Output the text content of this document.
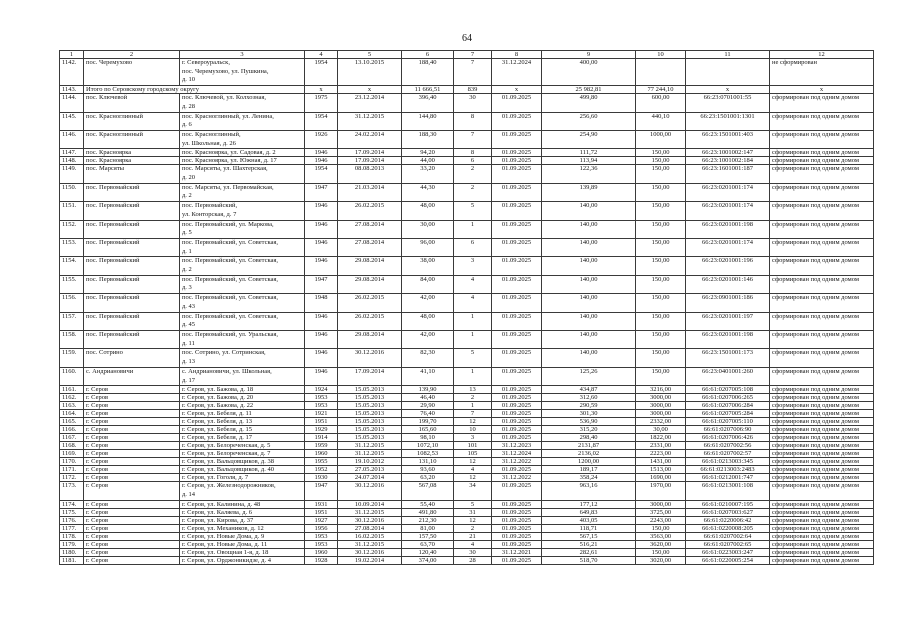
64
1	2	3	4	5	6	7	8	9	10	11	12
1142.	пос. Черемухово	г. Североуральск,
пос. Черемухово, ул. Пушкина,
д. 10	1954	13.10.2015	188,40	7	31.12.2024	400,00			не сформирован
1143.	Итого по Серовскому городскому округу		x	x	11 666,51	839	x	25 982,81	77 244,10	x	x
1144.	пос. Ключевой	пос. Ключевой, ул. Колхозная,
д. 28	1975	23.12.2014	396,40	30	01.09.2025	499,80	600,00	66:23:0701001:55	сформирован под одним домом
1145.	пос. Красноглинный	пос. Красноглинный, ул. Ленина,
д. 6	1954	31.12.2015	144,80	8	01.09.2025	256,60	440,10	66:23:1501001:1301	сформирован под одним домом
1146.	пос. Красноглинный	пос. Красноглинный,
ул. Школьная, д. 26	1926	24.02.2014	188,30	7	01.09.2025	254,90	1000,00	66:23:1501001:403	сформирован под одним домом
1147.	пос. Красноярка	пос. Красноярка, ул. Садовая, д. 2	1946	17.09.2014	94,20	8	01.09.2025	111,72	150,00	66:23:1001002:147	сформирован под одним домом
1148.	пос. Красноярка	пос. Красноярка, ул. Южная, д. 17	1946	17.09.2014	44,00	6	01.09.2025	113,94	150,00	66:23:1001002:184	сформирован под одним домом
1149.	пос. Марсяты	пос. Марсяты, ул. Шахтерская,
д. 20	1954	08.08.2013	33,20	2	01.09.2025	122,36	150,00	66:23:1601001:187	сформирован под одним домом
1150.	пос. Первомайский	пос. Марсяты, ул. Первомайская,
д. 2	1947	21.03.2014	44,30	2	01.09.2025	139,89	150,00	66:23:0201001:174	сформирован под одним домом
1151.	пос. Первомайский	пос. Первомайский,
ул. Конторская, д. 7	1946	26.02.2015	48,00	5	01.09.2025	140,00	150,00	66:23:0201001:174	сформирован под одним домом
1152.	пос. Первомайский	пос. Первомайский, ул. Маркова,
д. 5	1946	27.08.2014	30,00	1	01.09.2025	140,00	150,00	66:23:0201001:198	сформирован под одним домом
1153.	пос. Первомайский	пос. Первомайский, ул. Советская,
д. 1	1946	27.08.2014	96,00	6	01.09.2025	140,00	150,00	66:23:0201001:174	сформирован под одним домом
1154.	пос. Первомайский	пос. Первомайский, ул. Советская,
д. 2	1946	29.08.2014	38,00	3	01.09.2025	140,00	150,00	66:23:0201001:196	сформирован под одним домом
1155.	пос. Первомайский	пос. Первомайский, ул. Советская,
д. 3	1947	29.08.2014	84,00	4	01.09.2025	140,00	150,00	66:23:0201001:146	сформирован под одним домом
1156.	пос. Первомайский	пос. Первомайский, ул. Советская,
д. 43	1948	26.02.2015	42,00	4	01.09.2025	140,00	150,00	66:23:0901001:186	сформирован под одним домом
1157.	пос. Первомайский	пос. Первомайский, ул. Советская,
д. 45	1946	26.02.2015	48,00	1	01.09.2025	140,00	150,00	66:23:0201001:197	сформирован под одним домом
1158.	пос. Первомайский	пос. Первомайский, ул. Уральская,
д. 11	1946	29.08.2014	42,00	1	01.09.2025	140,00	150,00	66:23:0201001:198	сформирован под одним домом
1159.	пос. Сотрино	пос. Сотрино, ул. Сотринская,
д. 13	1946	30.12.2016	82,30	5	01.09.2025	140,00	150,00	66:23:1501001:173	сформирован под одним домом
1160.	с. Андриановичи	с. Андриановичи, ул. Школьная,
д. 17	1946	17.09.2014	41,10	1	01.09.2025	125,26	150,00	66:23:0401001:260	сформирован под одним домом
1161.	г. Серов	г. Серов, ул. Бажова, д. 18	1924	15.05.2013	139,90	13	01.09.2025	434,87	3216,00	66:61:0207005:108	сформирован под одним домом
1162.	г. Серов	г. Серов, ул. Бажова, д. 20	1953	15.05.2013	46,40	2	01.09.2025	312,60	3000,00	66:61:0207006:265	сформирован под одним домом
1163.	г. Серов	г. Серов, ул. Бажова, д. 22	1953	15.05.2013	29,90	1	01.09.2025	290,59	3000,00	66:61:0207006:284	сформирован под одним домом
1164.	г. Серов	г. Серов, ул. Бебеля, д. 11	1921	15.05.2013	76,40	7	01.09.2025	301,30	3000,00	66:61:0207005:284	сформирован под одним домом
1165.	г. Серов	г. Серов, ул. Бебеля, д. 13	1951	15.05.2013	199,70	12	01.09.2025	536,90	2332,00	66:61:0207005:110	сформирован под одним домом
1166.	г. Серов	г. Серов, ул. Бебеля, д. 15	1929	15.05.2013	165,60	10	01.09.2025	315,20	30,00	66:61:0207006:90	сформирован под одним домом
1167.	г. Серов	г. Серов, ул. Бебеля, д. 17	1914	15.05.2013	98,10	3	01.09.2025	298,40	1822,00	66:61:0207006:426	сформирован под одним домом
1168.	г. Серов	г. Серов, ул. Белореченская, д. 5	1959	31.12.2015	1072,10	101	31.12.2023	2131,87	2331,00	66:61:0207002:56	сформирован под одним домом
1169.	г. Серов	г. Серов, ул. Белореченская, д. 7	1960	31.12.2015	1082,53	105	31.12.2024	2136,02	2223,00	66:61:0207002:57	сформирован под одним домом
1170.	г. Серов	г. Серов, ул. Вальцовщиков, д. 38	1955	19.10.2012	131,10	12	31.12.2022	1200,00	1431,00	66:61:0213003:345	сформирован под одним домом
1171.	г. Серов	г. Серов, ул. Вальцовщиков, д. 40	1952	27.05.2013	93,60	4	01.09.2025	189,17	1513,00	66:61:0213003:2483	сформирован под одним домом
1172.	г. Серов	г. Серов, ул. Гоголя, д. 7	1930	24.07.2014	63,20	12	31.12.2022	358,24	1690,00	66:61:0212001:747	сформирован под одним домом
1173.	г. Серов	г. Серов, ул. Железнодорожников,
д. 14	1947	30.12.2016	567,08	34	01.09.2025	963,16	1970,00	66:61:0213001:108	сформирован под одним домом
1174.	г. Серов	г. Серов, ул. Калинина, д. 48	1931	10.09.2014	55,40	5	01.09.2025	177,12	3000,00	66:61:0210007:195	сформирован под одним домом
1175.	г. Серов	г. Серов, ул. Каляева, д. 6	1951	31.12.2015	491,80	31	01.09.2025	649,83	3725,00	66:61:0207003:627	сформирован под одним домом
1176.	г. Серов	г. Серов, ул. Кирова, д. 37	1927	30.12.2016	212,30	12	01.09.2025	403,05	2243,00	66:61:0220006:42	сформирован под одним домом
1177.	г. Серов	г. Серов, ул. Механиков, д. 12	1956	27.08.2014	81,00	2	01.09.2025	118,71	150,00	66:61:0220008:205	сформирован под одним домом
1178.	г. Серов	г. Серов, ул. Новые Дома, д. 9	1953	16.02.2015	157,50	21	01.09.2025	567,15	3563,00	66:61:0207002:64	сформирован под одним домом
1179.	г. Серов	г. Серов, ул. Новые Дома, д. 11	1953	31.12.2015	63,70	4	01.09.2025	516,21	3620,00	66:61:0207002:65	сформирован под одним домом
1180.	г. Серов	г. Серов, ул. Овощная 1-я, д. 18	1960	30.12.2016	120,40	30	31.12.2021	282,61	150,00	66:61:0223003:247	сформирован под одним домом
1181.	г. Серов	г. Серов, ул. Орджоникидзе, д. 4	1928	19.02.2014	374,00	28	01.09.2025	518,70	3020,00	66:61:0220005:254	сформирован под одним домом
